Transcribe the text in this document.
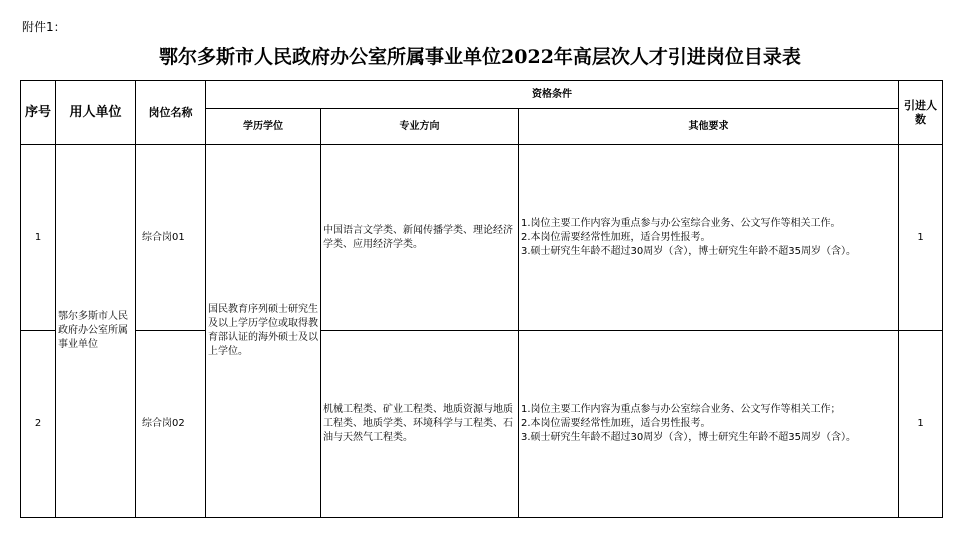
附件1：
鄂尔多斯市人民政府办公室所属事业单位2022年高层次人才引进岗位目录表
序号	用人单位	岗位名称	资格条件			引进人数
			学历学位	专业方向	其他要求	
1	鄂尔多斯市人民政府办公室所属事业单位	综合岗01	国民教育序列硕士研究生及以上学历学位或取得教育部认证的海外硕士及以上学位。	中国语言文学类、新闻传播学类、理论经济学类、应用经济学类。	1.岗位主要工作内容为重点参与办公室综合业务、公文写作等相关工作。
2.本岗位需要经常性加班，适合男性报考。
3.硕士研究生年龄不超过30周岁（含），博士研究生年龄不超35周岁（含）。	1
2		综合岗02		机械工程类、矿业工程类、地质资源与地质工程类、地质学类、环境科学与工程类、石油与天然气工程类。	1.岗位主要工作内容为重点参与办公室综合业务、公文写作等相关工作；
2.本岗位需要经常性加班，适合男性报考。
3.硕士研究生年龄不超过30周岁（含），博士研究生年龄不超35周岁（含）。	1
